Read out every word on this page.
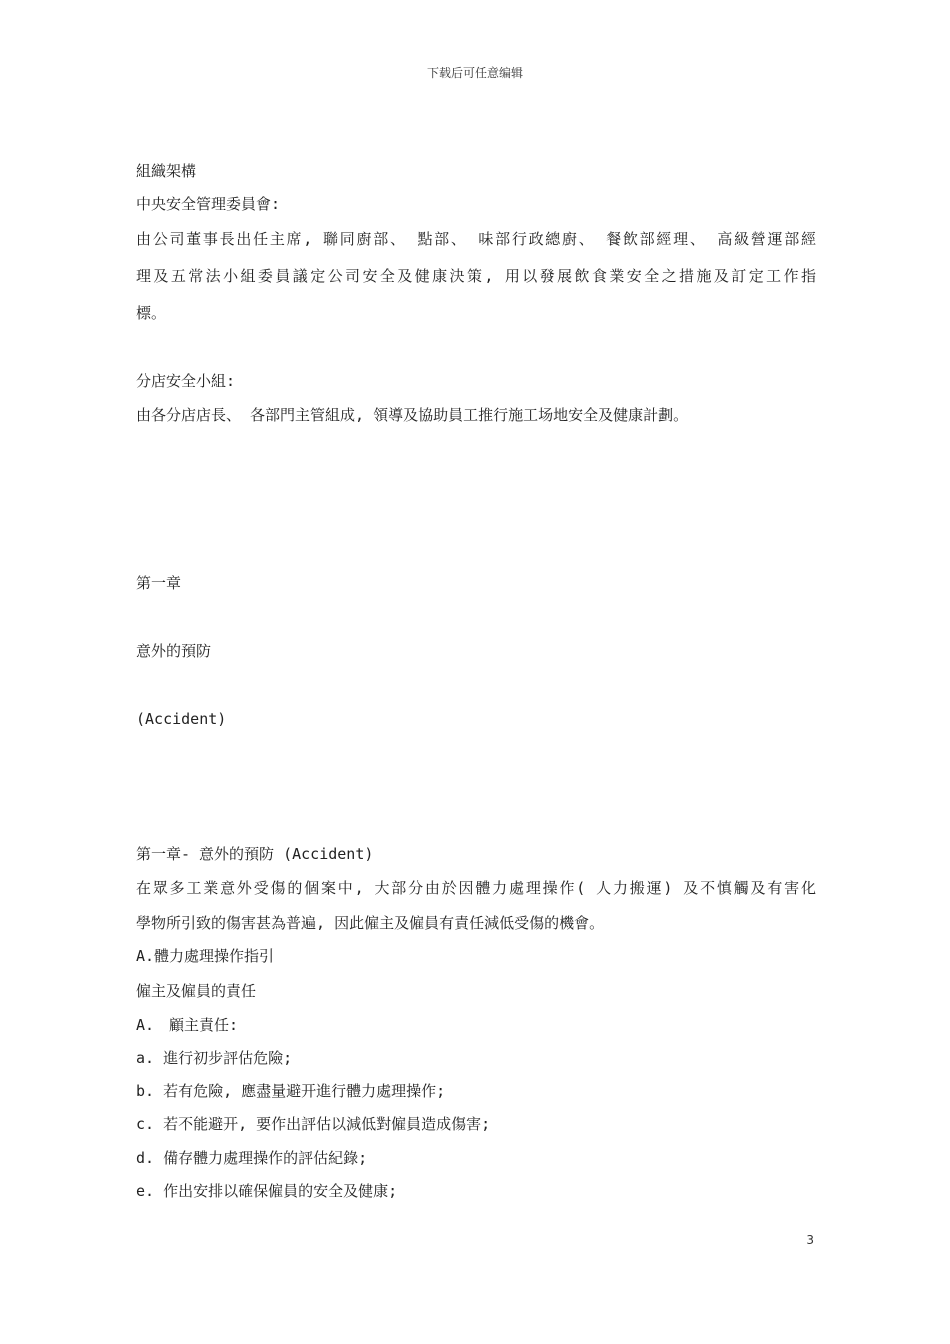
下载后可任意编辑
組織架構
中央安全管理委員會:
由公司董事長出任主席, 聯同廚部、 點部、 味部行政總廚、 餐飲部經理、 高級營運部經
理及五常法小組委員議定公司安全及健康決策, 用以發展飲食業安全之措施及訂定工作指
標。
分店安全小組:
由各分店店長、 各部門主管組成, 領導及協助員工推行施工场地安全及健康計劃。
第一章
意外的預防
(Accident)
第一章- 意外的預防 (Accident)
在眾多工業意外受傷的個案中, 大部分由於因體力處理操作( 人力搬運) 及不慎觸及有害化
學物所引致的傷害甚為普遍, 因此僱主及僱員有責任減低受傷的機會。
A.體力處理操作指引
僱主及僱員的責任
A.　顧主責任:
a. 進行初步評估危險;
b. 若有危險, 應盡量避开進行體力處理操作;
c. 若不能避开, 要作出評估以減低對僱員造成傷害;
d. 備存體力處理操作的評估紀錄;
e. 作出安排以確保僱員的安全及健康;
3
